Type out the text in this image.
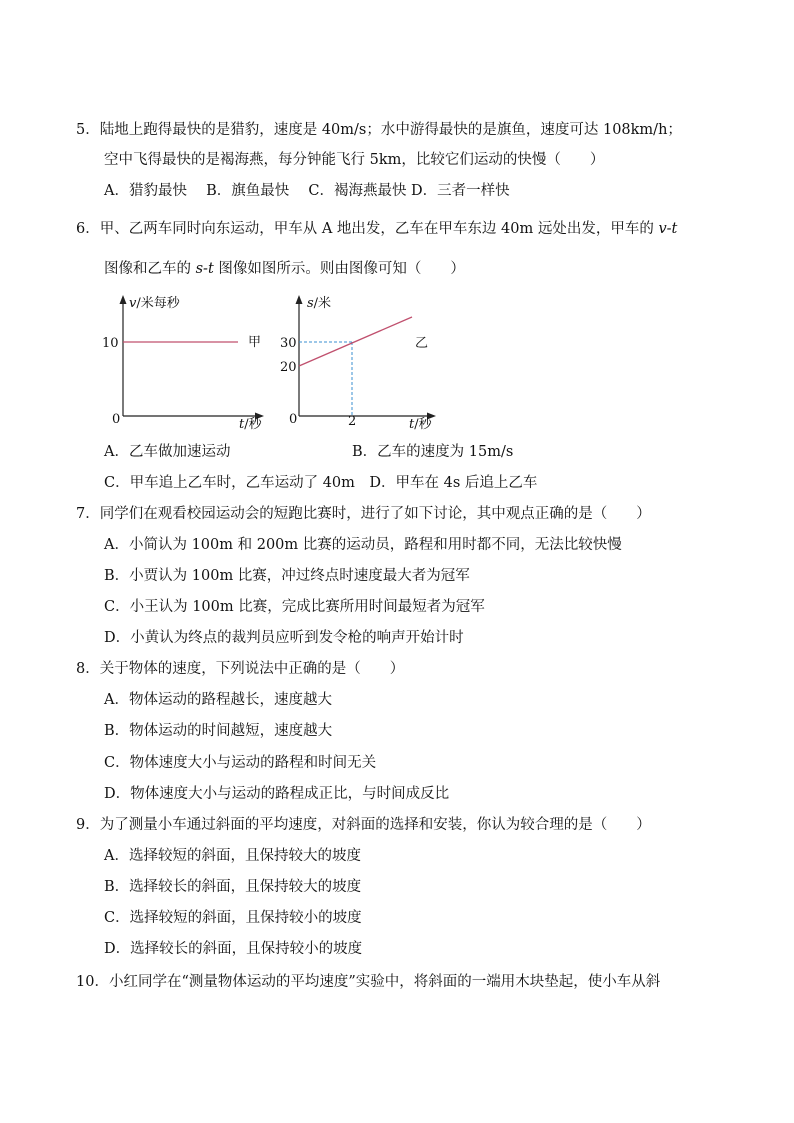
5．陆地上跑得最快的是猎豹，速度是 40m/s；水中游得最快的是旗鱼，速度可达 108km/h；
空中飞得最快的是褐海燕，每分钟能飞行 5km，比较它们运动的快慢（　　）
A．猎豹最快　 B．旗鱼最快　 C．褐海燕最快 D．三者一样快
6．甲、乙两车同时向东运动，甲车从 A 地出发，乙车在甲车东边 40m 远处出发，甲车的 v-t
图像和乙车的 s-t 图像如图所示。则由图像可知（　　）
v/米每秒
t/秒
0
10	甲
s/米
t/秒
0
30
20
2
乙
A．乙车做加速运动	B．乙车的速度为 15m/s
C．甲车追上乙车时，乙车运动了 40m　D．甲车在 4s 后追上乙车
7．同学们在观看校园运动会的短跑比赛时，进行了如下讨论，其中观点正确的是（　　）
A．小简认为 100m 和 200m 比赛的运动员，路程和用时都不同，无法比较快慢
B．小贾认为 100m 比赛，冲过终点时速度最大者为冠军
C．小王认为 100m 比赛，完成比赛所用时间最短者为冠军
D．小黄认为终点的裁判员应听到发令枪的响声开始计时
8．关于物体的速度，下列说法中正确的是（　　）
A．物体运动的路程越长，速度越大
B．物体运动的时间越短，速度越大
C．物体速度大小与运动的路程和时间无关
D．物体速度大小与运动的路程成正比，与时间成反比
9．为了测量小车通过斜面的平均速度，对斜面的选择和安装，你认为较合理的是（　　）
A．选择较短的斜面，且保持较大的坡度
B．选择较长的斜面，且保持较大的坡度
C．选择较短的斜面，且保持较小的坡度
D．选择较长的斜面，且保持较小的坡度
10．小红同学在“测量物体运动的平均速度”实验中，将斜面的一端用木块垫起，使小车从斜
